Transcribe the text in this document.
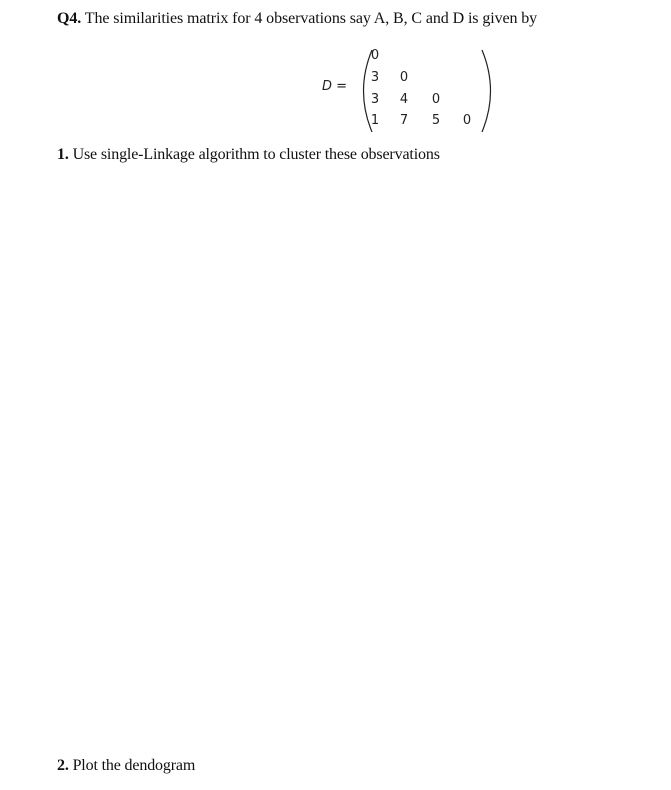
Q4. The similarities matrix for 4 observations say A, B, C and D is given by
D =
0
3 0
3 4 0
1 7 5 0
1. Use single-Linkage algorithm to cluster these observations
2. Plot the dendogram
